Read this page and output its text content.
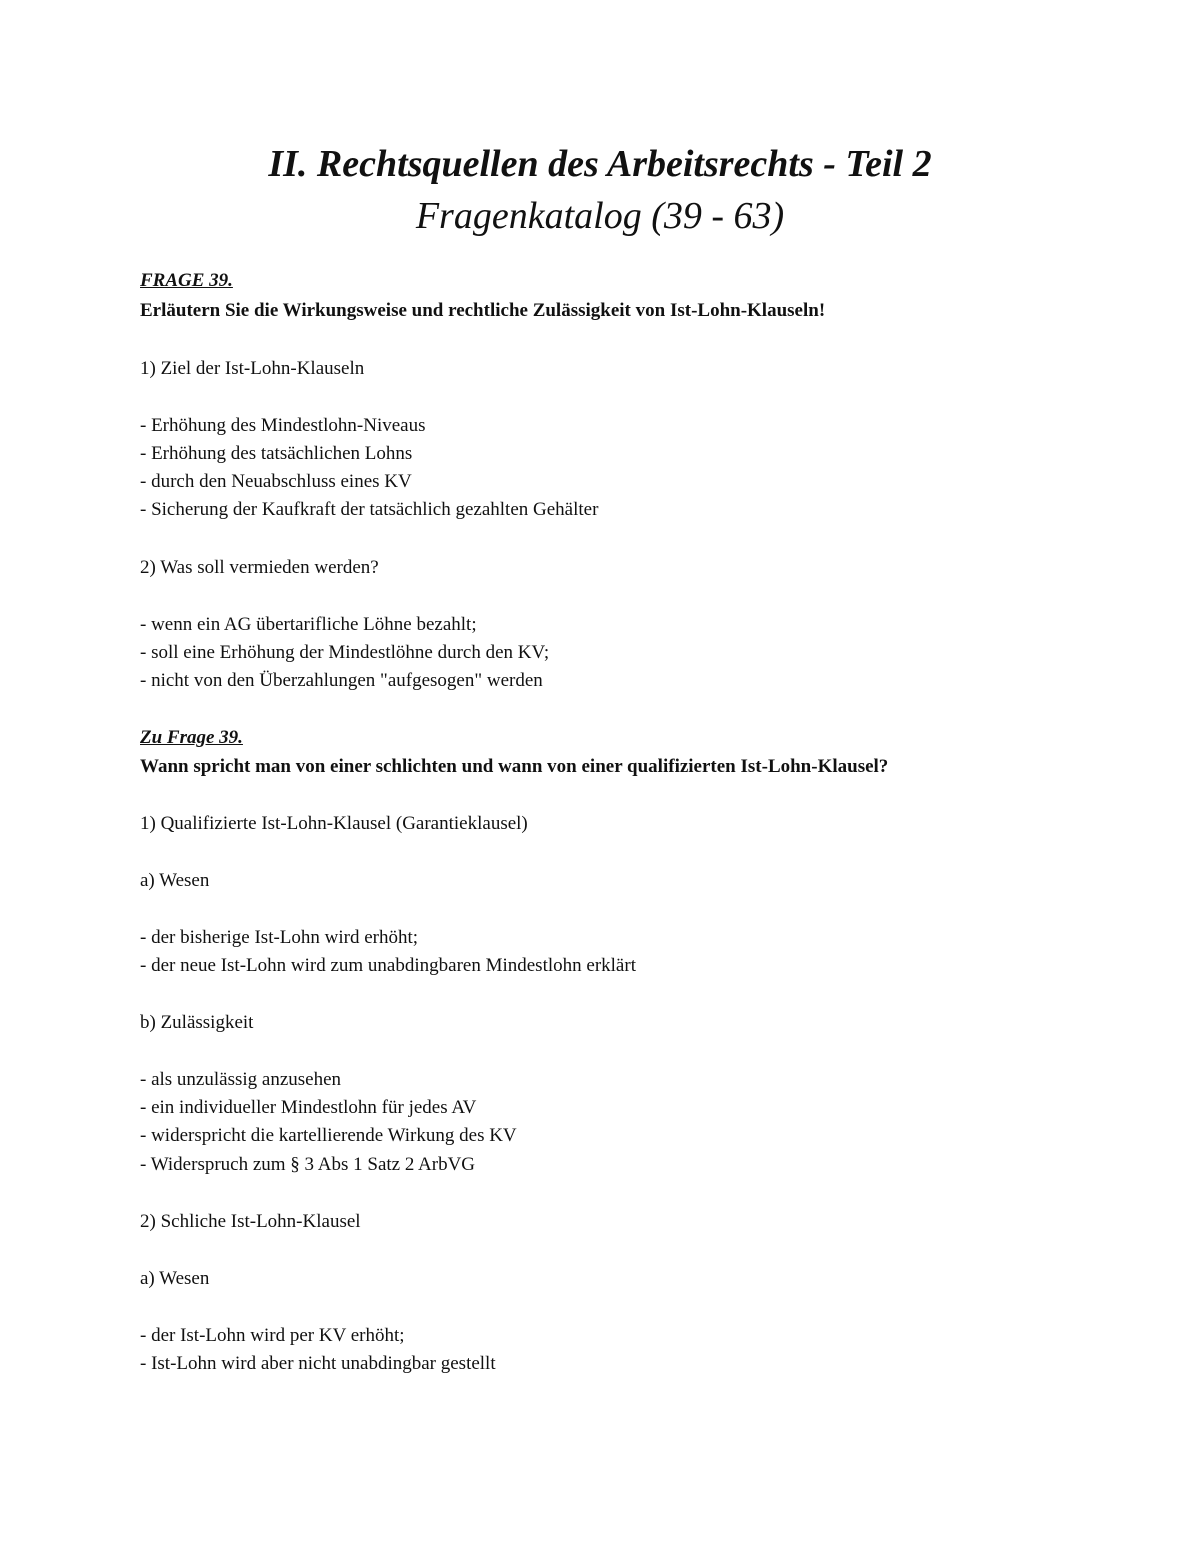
II. Rechtsquellen des Arbeitsrechts - Teil 2
Fragenkatalog (39 - 63)
FRAGE 39.
Erläutern Sie die Wirkungsweise und rechtliche Zulässigkeit von Ist-Lohn-Klauseln!
1) Ziel der Ist-Lohn-Klauseln
- Erhöhung des Mindestlohn-Niveaus
- Erhöhung des tatsächlichen Lohns
- durch den Neuabschluss eines KV
- Sicherung der Kaufkraft der tatsächlich gezahlten Gehälter
2) Was soll vermieden werden?
- wenn ein AG übertarifliche Löhne bezahlt;
- soll eine Erhöhung der Mindestlöhne durch den KV;
- nicht von den Überzahlungen "aufgesogen" werden
Zu Frage 39.
Wann spricht man von einer schlichten und wann von einer qualifizierten Ist-Lohn-Klausel?
1) Qualifizierte Ist-Lohn-Klausel (Garantieklausel)
a) Wesen
- der bisherige Ist-Lohn wird erhöht;
- der neue Ist-Lohn wird zum unabdingbaren Mindestlohn erklärt
b) Zulässigkeit
- als unzulässig anzusehen
- ein individueller Mindestlohn für jedes AV
- widerspricht die kartellierende Wirkung des KV
- Widerspruch zum § 3 Abs 1 Satz 2 ArbVG
2) Schliche Ist-Lohn-Klausel
a) Wesen
- der Ist-Lohn wird per KV erhöht;
- Ist-Lohn wird aber nicht unabdingbar gestellt
